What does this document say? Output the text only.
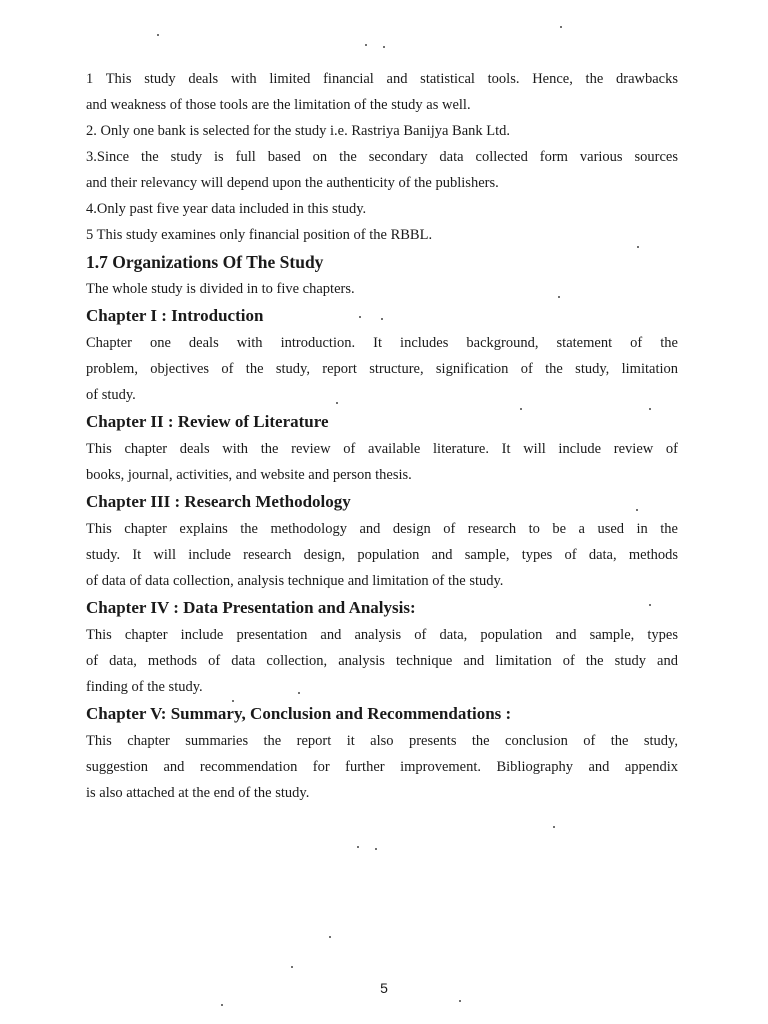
1 This study deals with limited financial and statistical tools. Hence, the drawbacks
and weakness of those tools are the limitation of the study as well.

2. Only one bank is selected for the study i.e. Rastriya Banijya Bank Ltd.

3.Since the study is full based on the secondary data collected form various sources
and their relevancy will depend upon the authenticity of the publishers.

4.Only past five year data included in this study.

5 This study examines only financial position of the RBBL.

1.7 Organizations Of The Study

The whole study is divided in to five chapters.

Chapter I : Introduction

Chapter one deals with introduction. It includes background, statement of the
problem, objectives of the study, report structure, signification of the study, limitation
of study.

Chapter II : Review of Literature

This chapter deals with the review of available literature. It will include review of
books, journal, activities, and website and person thesis.

Chapter III : Research Methodology

This chapter explains the methodology and design of research to be a used in the
study. It will include research design, population and sample, types of data, methods
of data of data collection, analysis technique and limitation of the study.

Chapter IV : Data Presentation and Analysis:

This chapter include presentation and analysis of data, population and sample, types
of data, methods of data collection, analysis technique and limitation of the study and
finding of the study.

Chapter V: Summary, Conclusion and Recommendations :

This chapter summaries the report it also presents the conclusion of the study,
suggestion and recommendation for further improvement. Bibliography and appendix
is also attached at the end of the study.

5
